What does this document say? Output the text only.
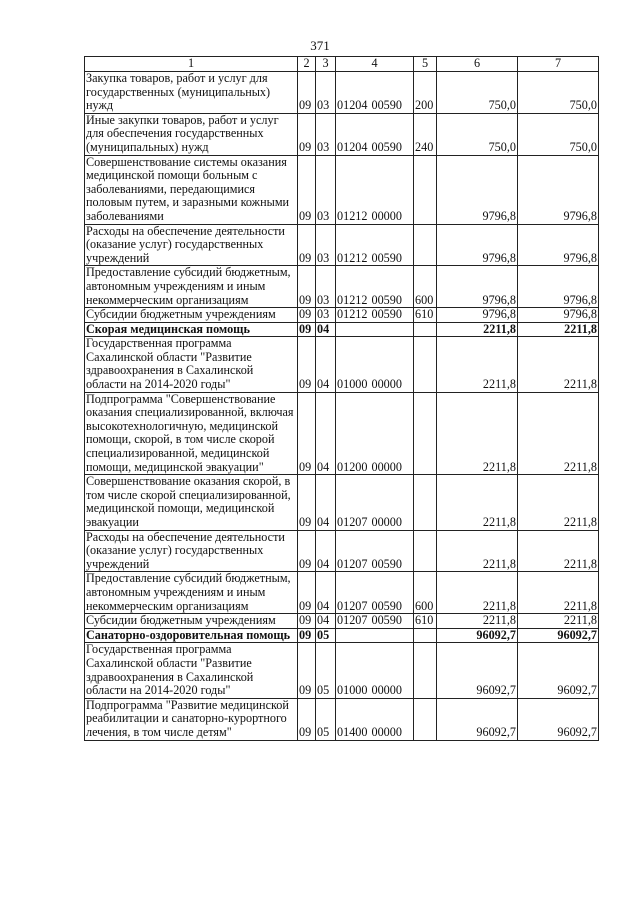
371
1	2	3	4	5	6	7
Закупка товаров, работ и услуг для государственных (муниципальных) нужд	09	03	01204 00590	200	750,0	750,0
Иные закупки товаров, работ и услуг для обеспечения государственных (муниципальных) нужд	09	03	01204 00590	240	750,0	750,0
Совершенствование системы оказания медицинской помощи больным с заболеваниями, передающимися половым путем, и заразными кожными заболеваниями	09	03	01212 00000		9796,8	9796,8
Расходы на обеспечение деятельности (оказание услуг) государственных учреждений	09	03	01212 00590		9796,8	9796,8
Предоставление субсидий бюджетным, автономным учреждениям и иным некоммерческим организациям	09	03	01212 00590	600	9796,8	9796,8
Субсидии бюджетным учреждениям	09	03	01212 00590	610	9796,8	9796,8
Скорая медицинская помощь	09	04			2211,8	2211,8
Государственная программа Сахалинской области "Развитие здравоохранения в Сахалинской области на 2014-2020 годы"	09	04	01000 00000		2211,8	2211,8
Подпрограмма "Совершенствование оказания специализированной, включая высокотехнологичную, медицинской помощи, скорой, в том числе скорой специализированной, медицинской помощи, медицинской эвакуации"	09	04	01200 00000		2211,8	2211,8
Совершенствование оказания скорой, в том числе скорой специализированной, медицинской помощи, медицинской эвакуации	09	04	01207 00000		2211,8	2211,8
Расходы на обеспечение деятельности (оказание услуг) государственных учреждений	09	04	01207 00590		2211,8	2211,8
Предоставление субсидий бюджетным, автономным учреждениям и иным некоммерческим организациям	09	04	01207 00590	600	2211,8	2211,8
Субсидии бюджетным учреждениям	09	04	01207 00590	610	2211,8	2211,8
Санаторно-оздоровительная помощь	09	05			96092,7	96092,7
Государственная программа Сахалинской области "Развитие здравоохранения в Сахалинской области на 2014-2020 годы"	09	05	01000 00000		96092,7	96092,7
Подпрограмма "Развитие медицинской реабилитации и санаторно-курортного лечения, в том числе детям"	09	05	01400 00000		96092,7	96092,7
